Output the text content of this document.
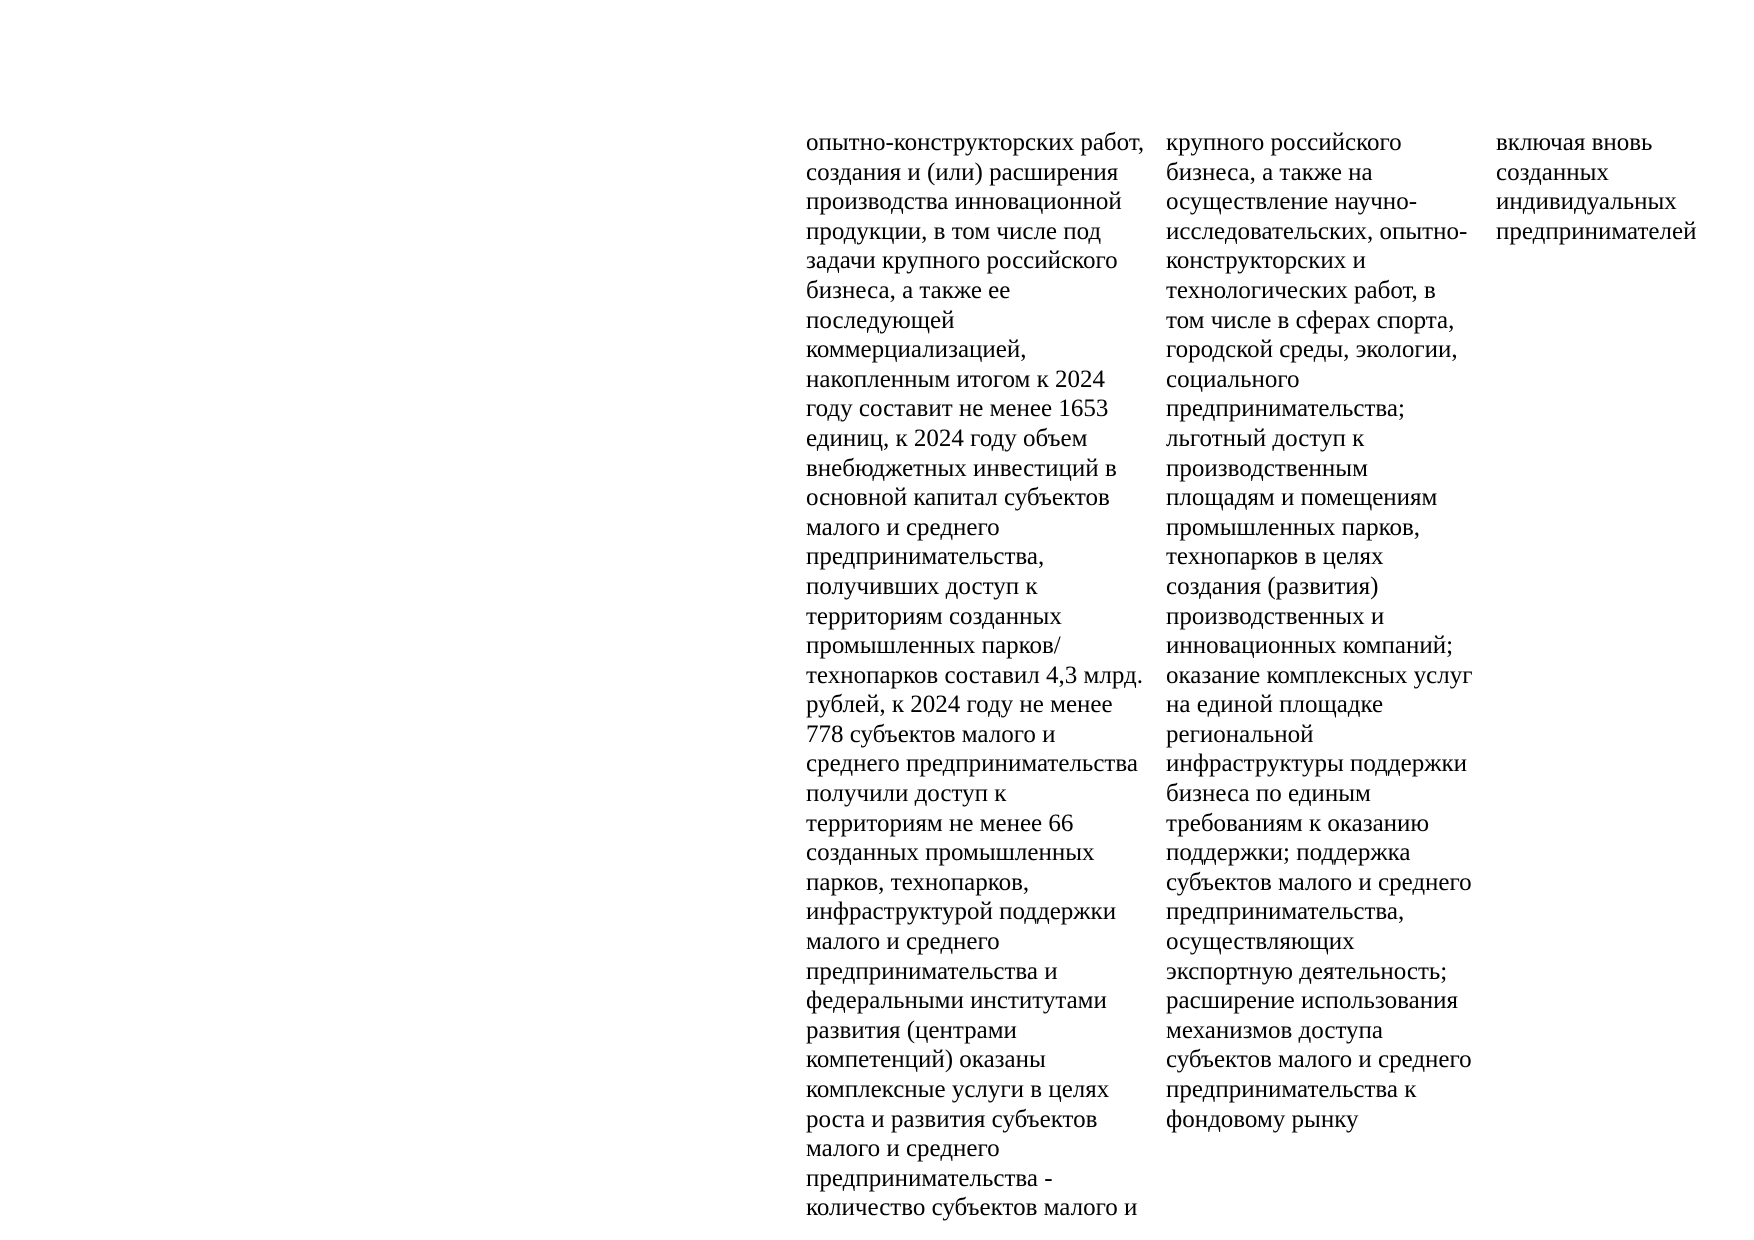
опытно-конструкторских работ, создания и (или) расширения производства инновационной продукции, в том числе под задачи крупного российского бизнеса, а также ее последующей коммерциализацией, накопленным итогом к 2024 году составит не менее 1653 единиц, к 2024 году объем внебюджетных инвестиций в основной капитал субъектов малого и среднего предпринимательства, получивших доступ к территориям созданных промышленных парков/технопарков составил 4,3 млрд. рублей, к 2024 году не менее 778 субъектов малого и среднего предпринимательства получили доступ к территориям не менее 66 созданных промышленных парков, технопарков, инфраструктурой поддержки малого и среднего предпринимательства и федеральными институтами развития (центрами компетенций) оказаны комплексные услуги в целях роста и развития субъектов малого и среднего предпринимательства - количество субъектов малого и
крупного российского бизнеса, а также на осуществление научно-исследовательских, опытно-конструкторских и технологических работ, в том числе в сферах спорта, городской среды, экологии, социального предпринимательства; льготный доступ к производственным площадям и помещениям промышленных парков, технопарков в целях создания (развития) производственных и инновационных компаний; оказание комплексных услуг на единой площадке региональной инфраструктуры поддержки бизнеса по единым требованиям к оказанию поддержки; поддержка субъектов малого и среднего предпринимательства, осуществляющих экспортную деятельность; расширение использования механизмов доступа субъектов малого и среднего предпринимательства к фондовому рынку
включая вновь созданных индивидуальных предпринимателей
